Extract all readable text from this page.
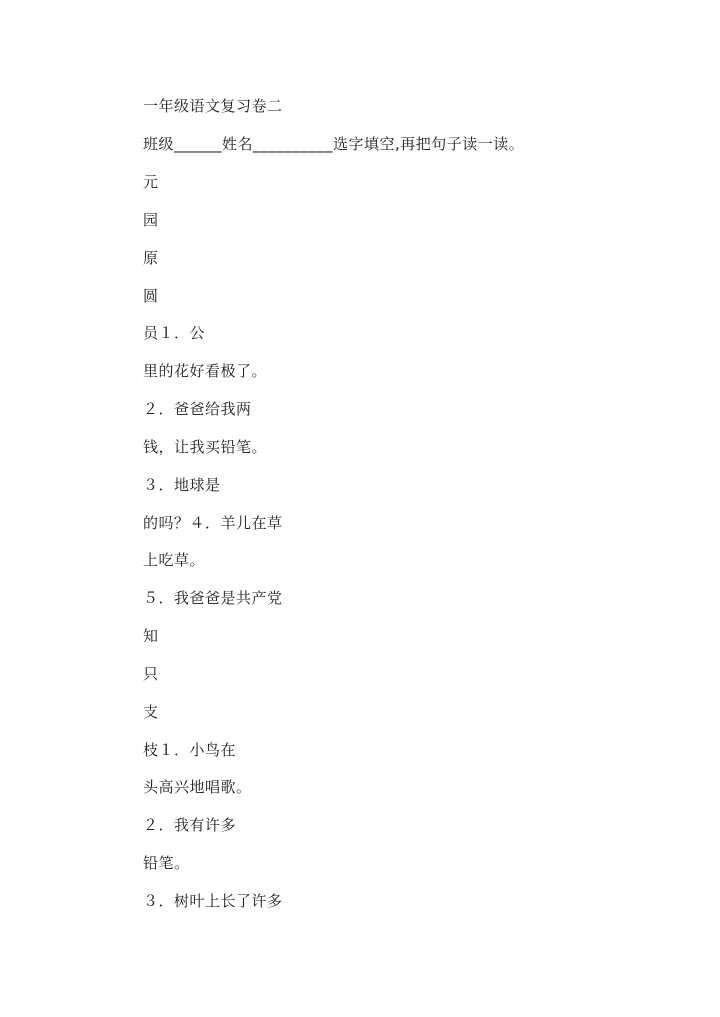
一年级语文复习卷二
班级______姓名__________选字填空,再把句子读一读。
元
园
原
圆
员１．公
里的花好看极了。
２．爸爸给我两
钱，让我买铅笔。
３．地球是
的吗？４．羊儿在草
上吃草。
５．我爸爸是共产党
知
只
支
枝１．小鸟在
头高兴地唱歌。
２．我有许多
铅笔。
３．树叶上长了许多
